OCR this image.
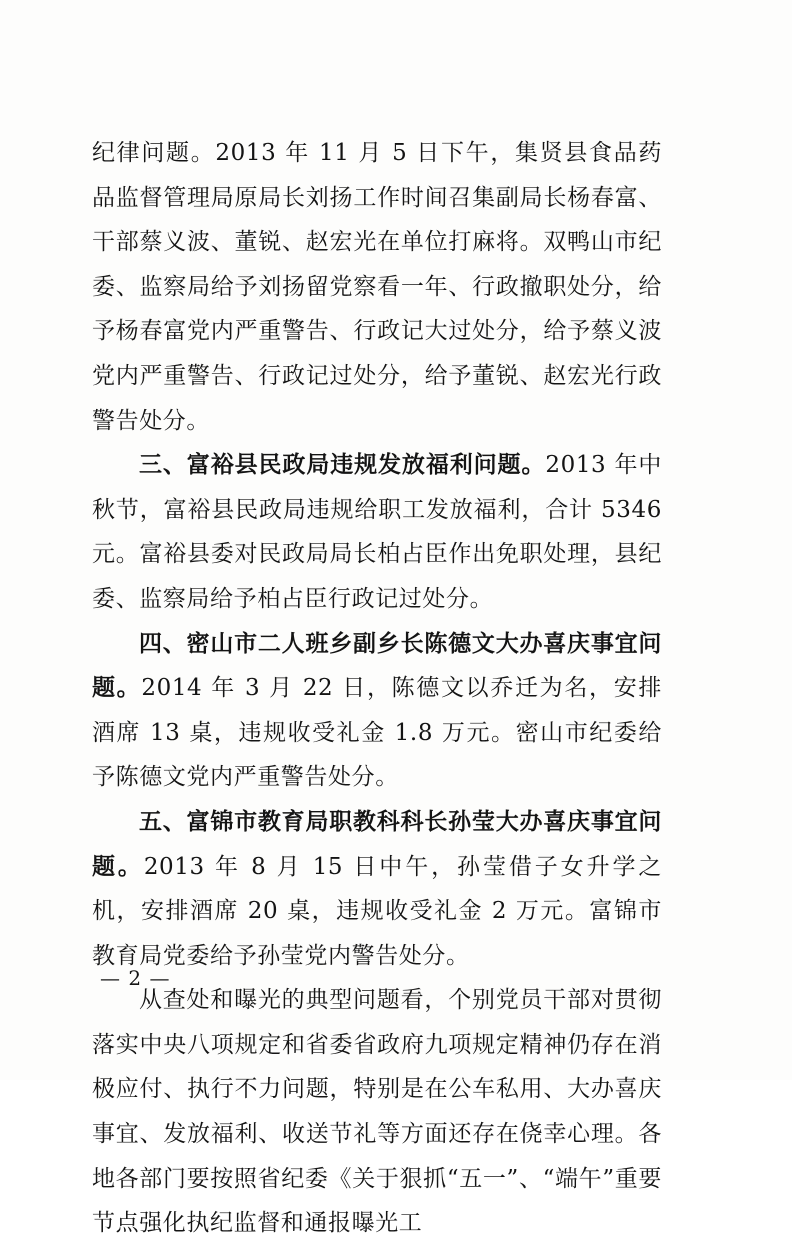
纪律问题。2013 年 11 月 5 日下午，集贤县食品药品监督管理局原局长刘扬工作时间召集副局长杨春富、干部蔡义波、董锐、赵宏光在单位打麻将。双鸭山市纪委、监察局给予刘扬留党察看一年、行政撤职处分，给予杨春富党内严重警告、行政记大过处分，给予蔡义波党内严重警告、行政记过处分，给予董锐、赵宏光行政警告处分。

三、富裕县民政局违规发放福利问题。2013 年中秋节，富裕县民政局违规给职工发放福利，合计 5346 元。富裕县委对民政局局长柏占臣作出免职处理，县纪委、监察局给予柏占臣行政记过处分。

四、密山市二人班乡副乡长陈德文大办喜庆事宜问题。2014 年 3 月 22 日，陈德文以乔迁为名，安排酒席 13 桌，违规收受礼金 1.8 万元。密山市纪委给予陈德文党内严重警告处分。

五、富锦市教育局职教科科长孙莹大办喜庆事宜问题。2013 年 8 月 15 日中午，孙莹借子女升学之机，安排酒席 20 桌，违规收受礼金 2 万元。富锦市教育局党委给予孙莹党内警告处分。

从查处和曝光的典型问题看，个别党员干部对贯彻落实中央八项规定和省委省政府九项规定精神仍存在消极应付、执行不力问题，特别是在公车私用、大办喜庆事宜、发放福利、收送节礼等方面还存在侥幸心理。各地各部门要按照省纪委《关于狠抓“五一”、“端午”重要节点强化执纪监督和通报曝光工

— 2 —
